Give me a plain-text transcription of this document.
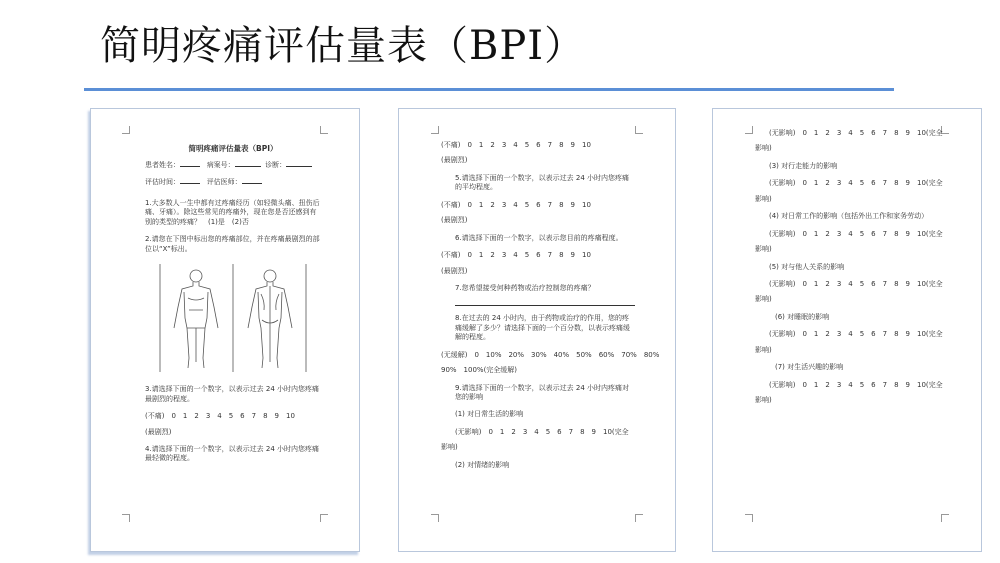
简明疼痛评估量表（BPI）
简明疼痛评估量表（BPI）
患者姓名：	病案号：	诊断：
评估时间：	评估医师：
1.大多数人一生中都有过疼痛经历（如轻微头痛、扭伤后痛、牙痛）。除这些常见的疼痛外，现在您是否还感到有别的类型的疼痛？　(1)是　(2)否
2.请您在下图中标出您的疼痛部位，并在疼痛最剧烈的部位以“X”标出。
3.请选择下面的一个数字，以表示过去 24 小时内您疼痛最剧烈的程度。
(不痛)　0　1　2　3　4　5　6　7　8　9　10
(最剧烈)
4.请选择下面的一个数字，以表示过去 24 小时内您疼痛最轻微的程度。
(不痛)　0　1　2　3　4　5　6　7　8　9　10
(最剧烈)
5.请选择下面的一个数字，以表示过去 24 小时内您疼痛的平均程度。
(不痛)　0　1　2　3　4　5　6　7　8　9　10
(最剧烈)
6.请选择下面的一个数字，以表示您目前的疼痛程度。
(不痛)　0　1　2　3　4　5　6　7　8　9　10
(最剧烈)
7.您希望接受何种药物或治疗控制您的疼痛？
8.在过去的 24 小时内，由于药物或治疗的作用，您的疼痛缓解了多少？请选择下面的一个百分数，以表示疼痛缓解的程度。
(无缓解)　0　10%　20%　30%　40%　50%　60%　70%　80%
90%　100%(完全缓解)
9.请选择下面的一个数字，以表示过去 24 小时内疼痛对您的影响
(1) 对日常生活的影响
(无影响)　0　1　2　3　4　5　6　7　8　9　10(完全
影响)
(2) 对情绪的影响
(无影响)　0　1　2　3　4　5　6　7　8　9　10(完全
影响)
(3) 对行走能力的影响
(无影响)　0　1　2　3　4　5　6　7　8　9　10(完全
影响)
(4) 对日常工作的影响（包括外出工作和家务劳动）
(无影响)　0　1　2　3　4　5　6　7　8　9　10(完全
影响)
(5) 对与他人关系的影响
(无影响)　0　1　2　3　4　5　6　7　8　9　10(完全
影响)
(6) 对睡眠的影响
(无影响)　0　1　2　3　4　5　6　7　8　9　10(完全
影响)
(7) 对生活兴趣的影响
(无影响)　0　1　2　3　4　5　6　7　8　9　10(完全
影响)
